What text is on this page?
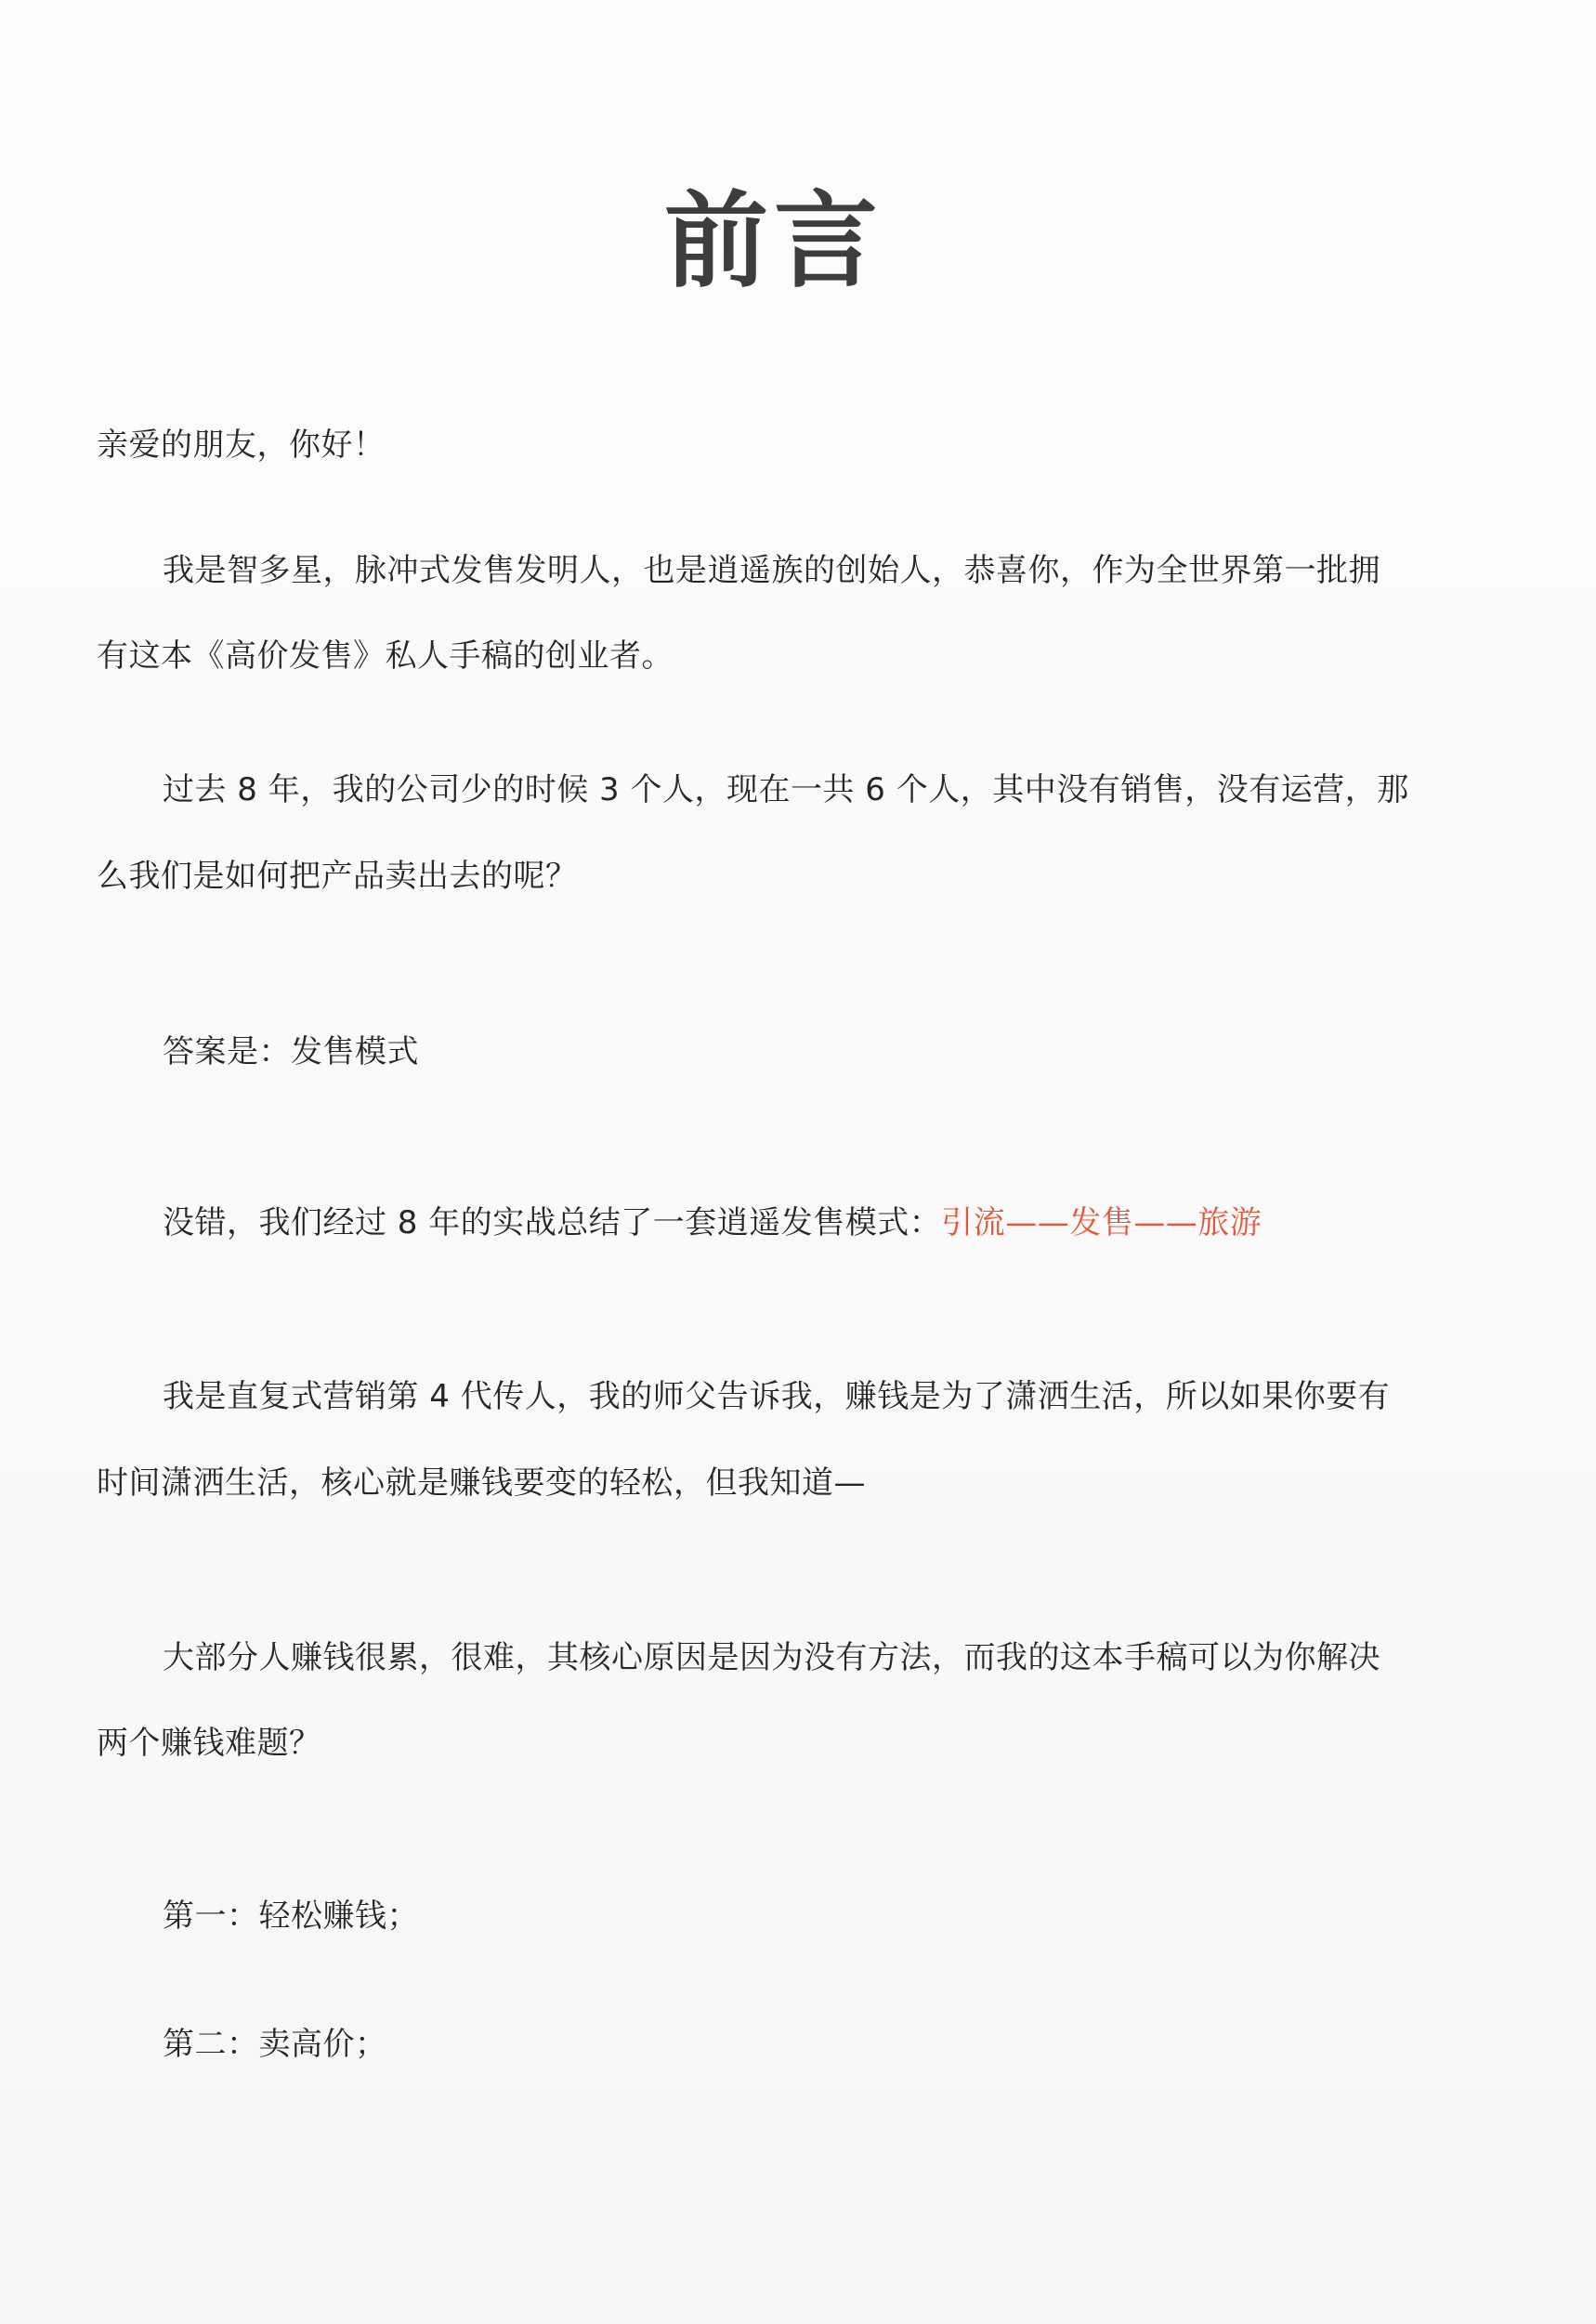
前言
亲爱的朋友，你好！
我是智多星，脉冲式发售发明人，也是逍遥族的创始人，恭喜你，作为全世界第一批拥
有这本《高价发售》私人手稿的创业者。
过去 8 年，我的公司少的时候 3 个人，现在一共 6 个人，其中没有销售，没有运营，那
么我们是如何把产品卖出去的呢？
答案是：发售模式
没错，我们经过 8 年的实战总结了一套逍遥发售模式：引流——发售——旅游
我是直复式营销第 4 代传人，我的师父告诉我，赚钱是为了潇洒生活，所以如果你要有
时间潇洒生活，核心就是赚钱要变的轻松，但我知道—
大部分人赚钱很累，很难，其核心原因是因为没有方法，而我的这本手稿可以为你解决
两个赚钱难题？
第一：轻松赚钱；
第二：卖高价；
